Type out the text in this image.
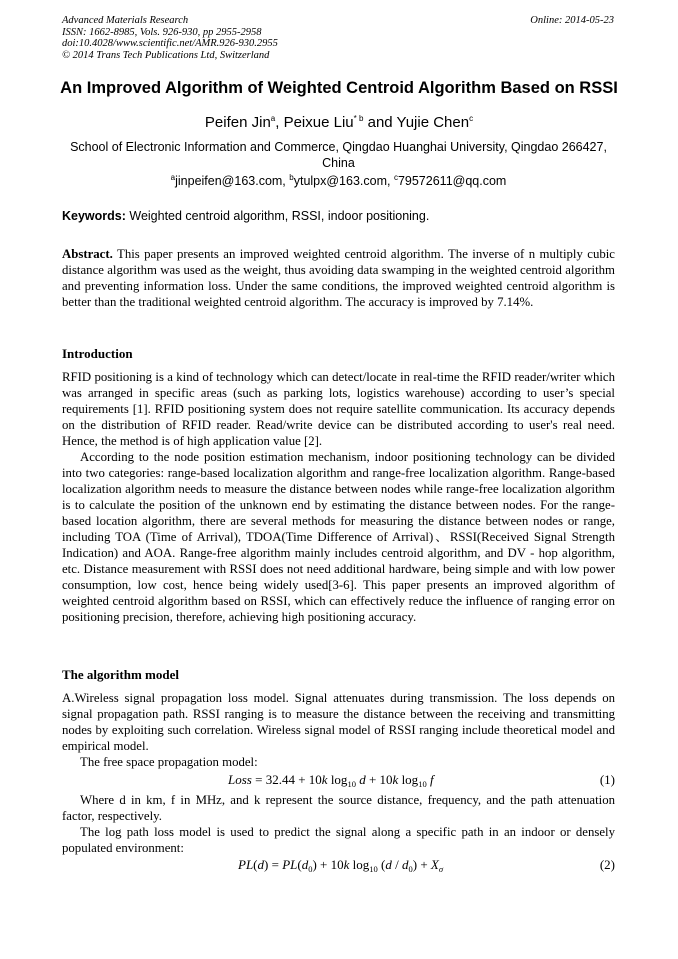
Advanced Materials Research
ISSN: 1662-8985, Vols. 926-930, pp 2955-2958
doi:10.4028/www.scientific.net/AMR.926-930.2955
© 2014 Trans Tech Publications Ltd, Switzerland
Online: 2014-05-23
An Improved Algorithm of Weighted Centroid Algorithm Based on RSSI
Peifen Jin$^a$, Peixue Liu$^{* b}$ and Yujie Chen$^c$
School of Electronic Information and Commerce, Qingdao Huanghai University, Qingdao 266427, China
$^a$jinpeifen@163.com, $^b$ytulpx@163.com, $^c$79572611@qq.com
Keywords: Weighted centroid algorithm, RSSI, indoor positioning.
Abstract. This paper presents an improved weighted centroid algorithm. The inverse of n multiply cubic distance algorithm was used as the weight, thus avoiding data swamping in the weighted centroid algorithm and preventing information loss. Under the same conditions, the improved weighted centroid algorithm is better than the traditional weighted centroid algorithm. The accuracy is improved by 7.14%.
Introduction

RFID positioning is a kind of technology which can detect/locate in real-time the RFID reader/writer which was arranged in specific areas (such as parking lots, logistics warehouse) according to user’s special requirements [1]. RFID positioning system does not require satellite communication. Its accuracy depends on the distribution of RFID reader. Read/write device can be distributed according to user's real need. Hence, the method is of high application value [2].

According to the node position estimation mechanism, indoor positioning technology can be divided into two categories: range-based localization algorithm and range-free localization algorithm. Range-based localization algorithm needs to measure the distance between nodes while range-free localization algorithm is to calculate the position of the unknown end by estimating the distance between nodes. For the range-based location algorithm, there are several methods for measuring the distance between nodes or range, including TOA (Time of Arrival), TDOA(Time Difference of Arrival)、RSSI(Received Signal Strength Indication) and AOA. Range-free algorithm mainly includes centroid algorithm, and DV - hop algorithm, etc. Distance measurement with RSSI does not need additional hardware, being simple and with low power consumption, low cost, hence being widely used[3-6]. This paper presents an improved algorithm of weighted centroid algorithm based on RSSI, which can effectively reduce the influence of ranging error on positioning precision, therefore, achieving high positioning accuracy.

The algorithm model

A.Wireless signal propagation loss model. Signal attenuates during transmission. The loss depends on signal propagation path. RSSI ranging is to measure the distance between the receiving and transmitting nodes by exploiting such correlation. Wireless signal model of RSSI ranging include theoretical model and empirical model.

The free space propagation model:

Loss = 32.44 + 10k $\log_{10} d + 10k$ $\log_{10} f$	(1)

Where d in km, f in MHz, and k represent the source distance, frequency, and the path attenuation factor, respectively.

The log path loss model is used to predict the signal along a specific path in an indoor or densely populated environment:

$PL(d) = PL(d_0) + 10k$ $\log_{10} (d / d_0) + X_\sigma$	(2)
